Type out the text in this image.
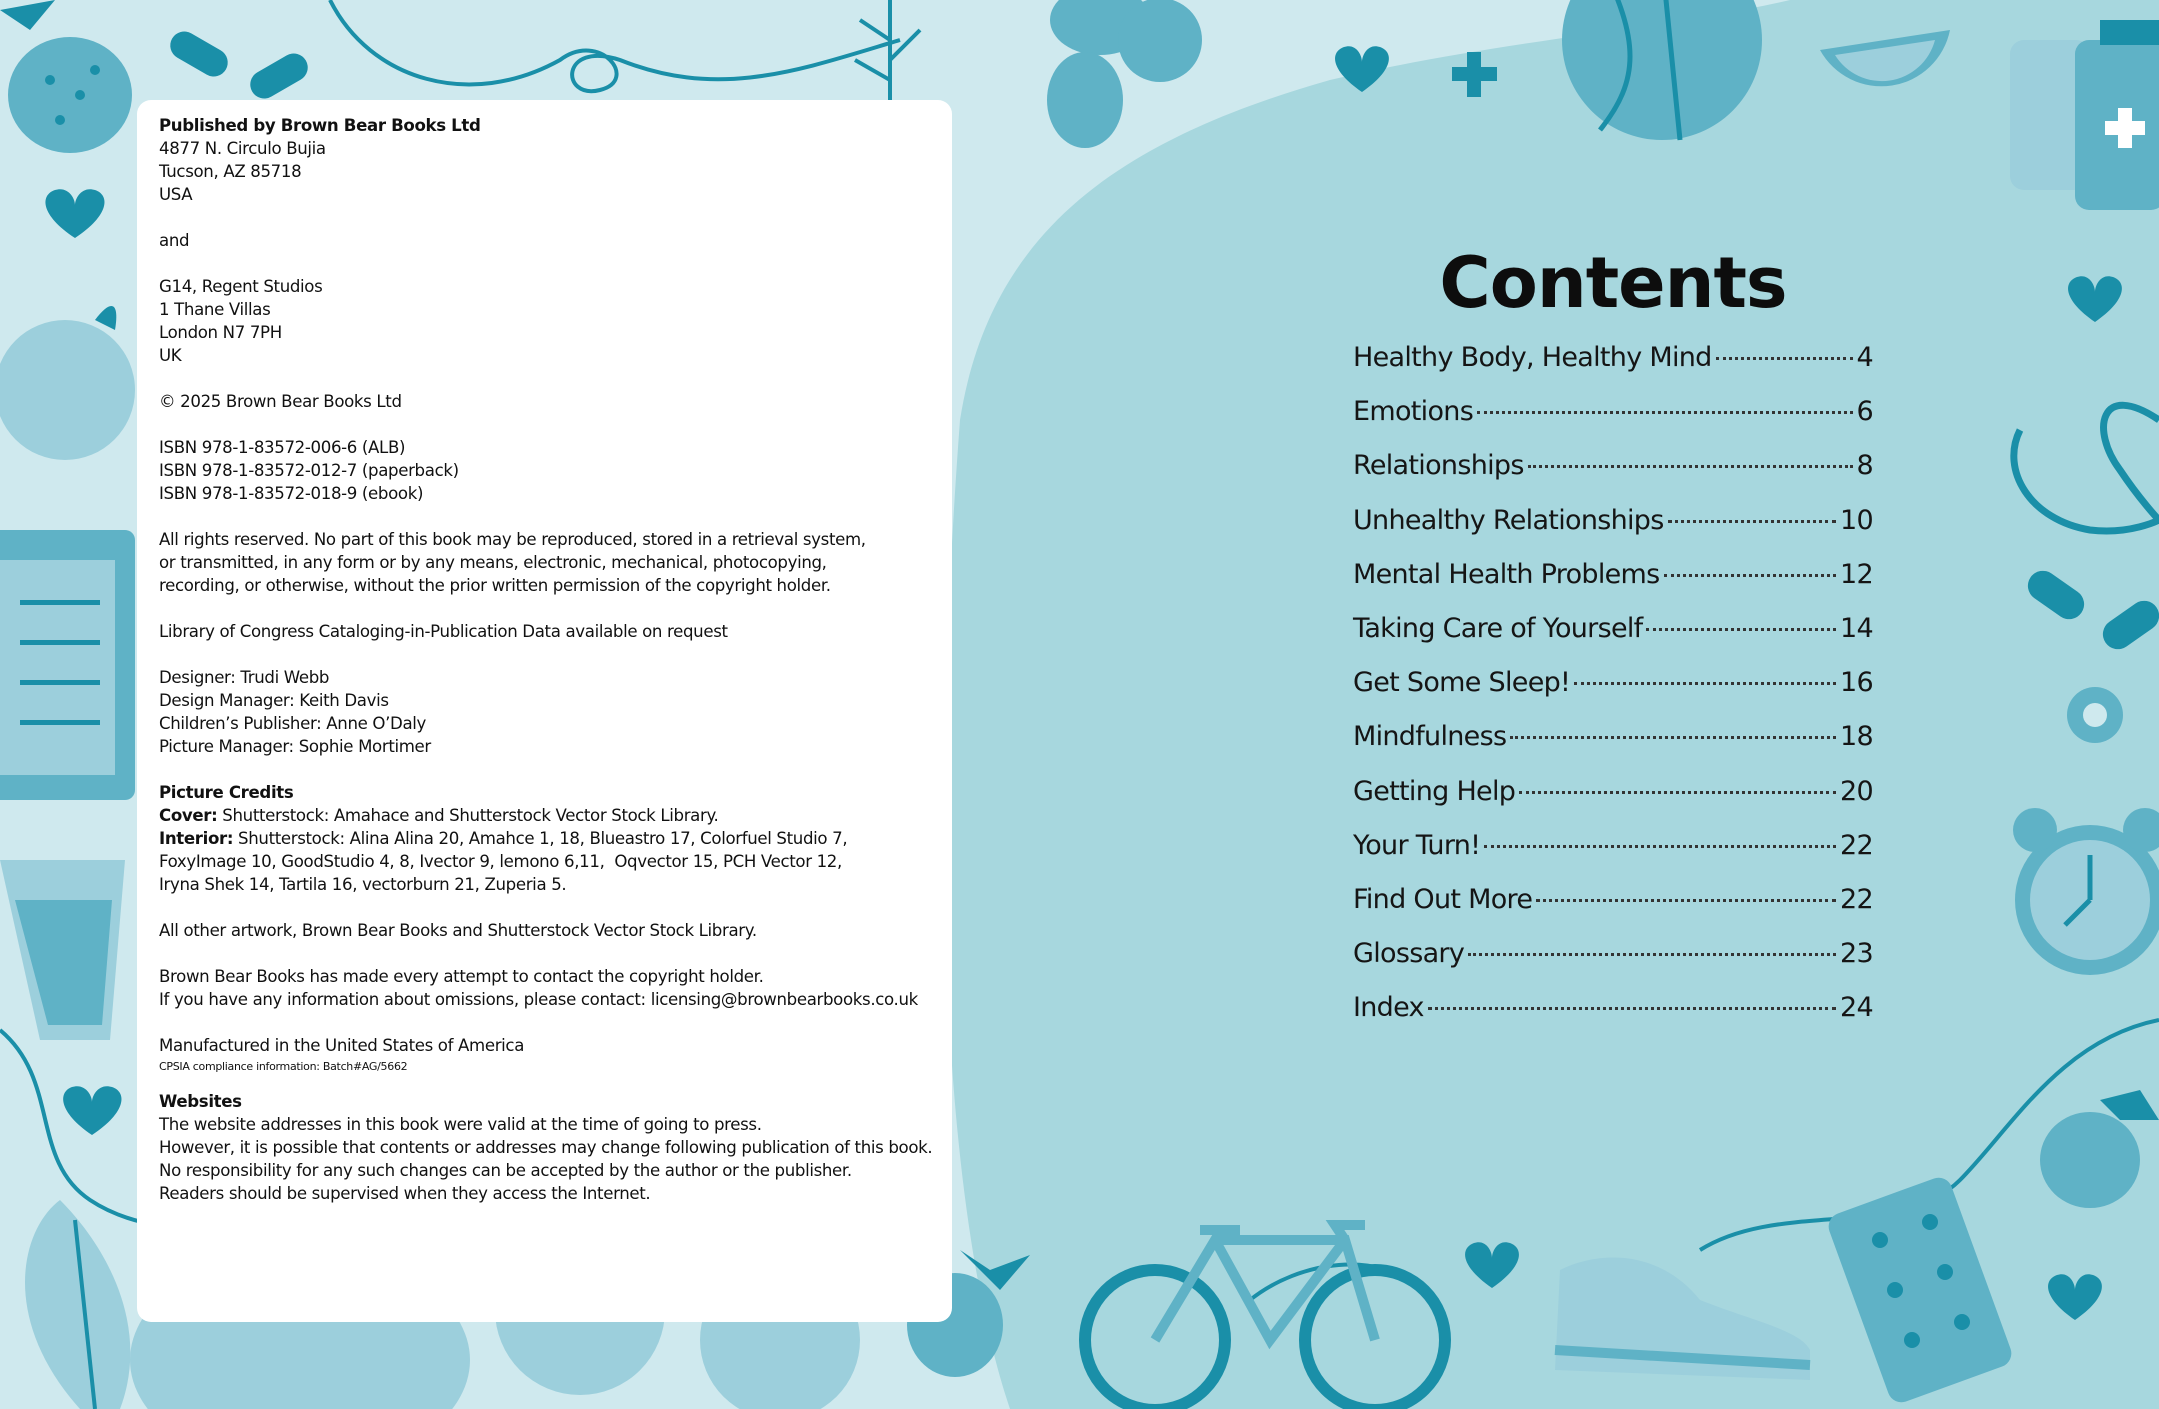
Published by Brown Bear Books Ltd
4877 N. Circulo Bujia
Tucson, AZ 85718
USA
and
G14, Regent Studios
1 Thane Villas
London N7 7PH
UK
© 2025 Brown Bear Books Ltd
ISBN 978-1-83572-006-6 (ALB)
ISBN 978-1-83572-012-7 (paperback)
ISBN 978-1-83572-018-9 (ebook)
All rights reserved. No part of this book may be reproduced, stored in a retrieval system,
or transmitted, in any form or by any means, electronic, mechanical, photocopying,
recording, or otherwise, without the prior written permission of the copyright holder.
Library of Congress Cataloging-in-Publication Data available on request
Designer: Trudi Webb
Design Manager: Keith Davis
Children’s Publisher: Anne O’Daly
Picture Manager: Sophie Mortimer
Picture Credits
Cover: Shutterstock: Amahace and Shutterstock Vector Stock Library.
Interior: Shutterstock: Alina Alina 20, Amahce 1, 18, Blueastro 17, Colorfuel Studio 7,
FoxyImage 10, GoodStudio 4, 8, Ivector 9, lemono 6,11,  Oqvector 15, PCH Vector 12,
Iryna Shek 14, Tartila 16, vectorburn 21, Zuperia 5.
All other artwork, Brown Bear Books and Shutterstock Vector Stock Library.
Brown Bear Books has made every attempt to contact the copyright holder.
If you have any information about omissions, please contact: licensing@brownbearbooks.co.uk
Manufactured in the United States of America
CPSIA compliance information: Batch#AG/5662
Websites
The website addresses in this book were valid at the time of going to press.
However, it is possible that contents or addresses may change following publication of this book.
No responsibility for any such changes can be accepted by the author or the publisher.
Readers should be supervised when they access the Internet.
Contents
Healthy Body, Healthy Mind	4
Emotions	6
Relationships	8
Unhealthy Relationships	10
Mental Health Problems	12
Taking Care of Yourself	14
Get Some Sleep!	16
Mindfulness	18
Getting Help	20
Your Turn!	22
Find Out More	22
Glossary	23
Index	24
